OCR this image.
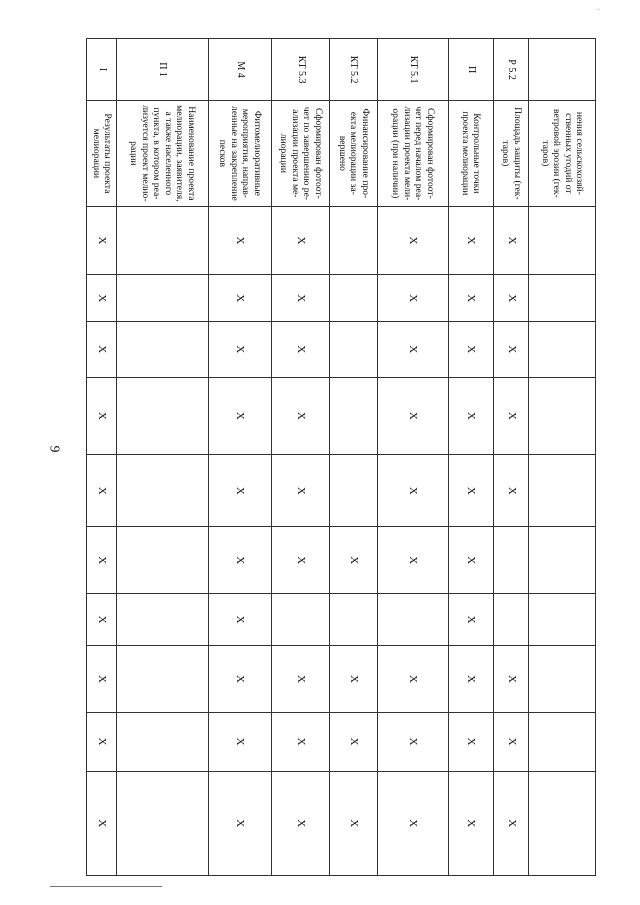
9
	нения сельскохозяй-ственных угодий от ветровой эрозии (гек-таров)										
Р 5.2	Площадь защиты (гек-таров)	X	X	X	X	X			X	X	X
П	Контрольные точки проекта мелиорации	X	X	X	X	X	X	X	X	X	X
КТ 5.1	Сформирован фотоот-чет перед началом реа-лизации проекта мели-орации (при наличии)	X	X	X	X	X	X		X	X	X
КТ 5.2	Финансирование про-екта мелиорации за-вершено						X		X	X	X
КТ 5.3	Сформирован фотоот-чет по завершению ре-ализации проекта ме-лиорации	X	X	X	X	X	X		X	X	X
М 4	Фитомелиоративные мероприятия, направ-ленные на закрепление песков	X	X	X	X	X	X	X	X	X	X
П 1	Наименование проекта мелиорации, заявителя, а также населенного пункта, в котором реа-лизуется проект мелио-рации										
I	Результаты проекта мелиорации	X	X	X	X	X	X	X	X	X	X
